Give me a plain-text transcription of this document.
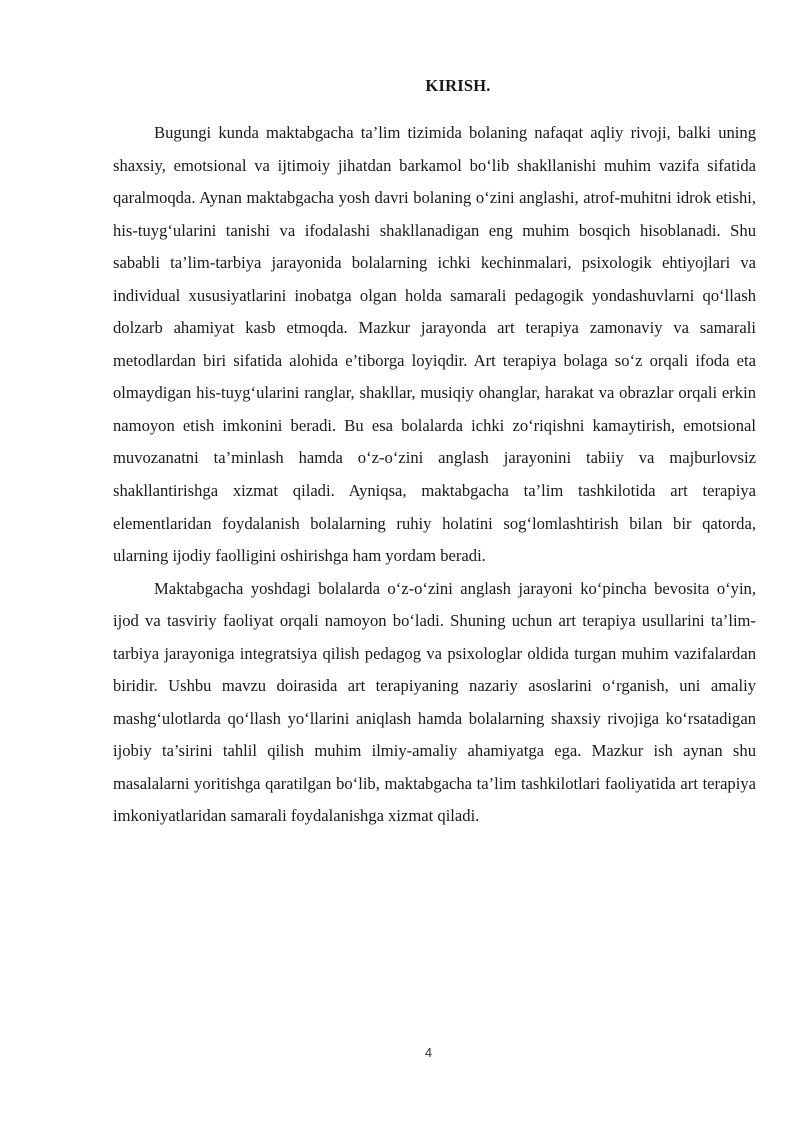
KIRISH.

Bugungi kunda maktabgacha ta’lim tizimida bolaning nafaqat aqliy rivoji, balki uning shaxsiy, emotsional va ijtimoiy jihatdan barkamol bo‘lib shakllanishi muhim vazifa sifatida qaralmoqda. Aynan maktabgacha yosh davri bolaning o‘zini anglashi, atrof-muhitni idrok etishi, his-tuyg‘ularini tanishi va ifodalashi shakllanadigan eng muhim bosqich hisoblanadi. Shu sababli ta’lim-tarbiya jarayonida bolalarning ichki kechinmalari, psixologik ehtiyojlari va individual xususiyatlarini inobatga olgan holda samarali pedagogik yondashuvlarni qo‘llash dolzarb ahamiyat kasb etmoqda. Mazkur jarayonda art terapiya zamonaviy va samarali metodlardan biri sifatida alohida e’tiborga loyiqdir. Art terapiya bolaga so‘z orqali ifoda eta olmaydigan his-tuyg‘ularini ranglar, shakllar, musiqiy ohanglar, harakat va obrazlar orqali erkin namoyon etish imkonini beradi. Bu esa bolalarda ichki zo‘riqishni kamaytirish, emotsional muvozanatni ta’minlash hamda o‘z-o‘zini anglash jarayonini tabiiy va majburlovsiz shakllantirishga xizmat qiladi. Ayniqsa, maktabgacha ta’lim tashkilotida art terapiya elementlaridan foydalanish bolalarning ruhiy holatini sog‘lomlashtirish bilan bir qatorda, ularning ijodiy faolligini oshirishga ham yordam beradi.

Maktabgacha yoshdagi bolalarda o‘z-o‘zini anglash jarayoni ko‘pincha bevosita o‘yin, ijod va tasviriy faoliyat orqali namoyon bo‘ladi. Shuning uchun art terapiya usullarini ta’lim-tarbiya jarayoniga integratsiya qilish pedagog va psixologlar oldida turgan muhim vazifalardan biridir. Ushbu mavzu doirasida art terapiyaning nazariy asoslarini o‘rganish, uni amaliy mashg‘ulotlarda qo‘llash yo‘llarini aniqlash hamda bolalarning shaxsiy rivojiga ko‘rsatadigan ijobiy ta’sirini tahlil qilish muhim ilmiy-amaliy ahamiyatga ega. Mazkur ish aynan shu masalalarni yoritishga qaratilgan bo‘lib, maktabgacha ta’lim tashkilotlari faoliyatida art terapiya imkoniyatlaridan samarali foydalanishga xizmat qiladi.

4
